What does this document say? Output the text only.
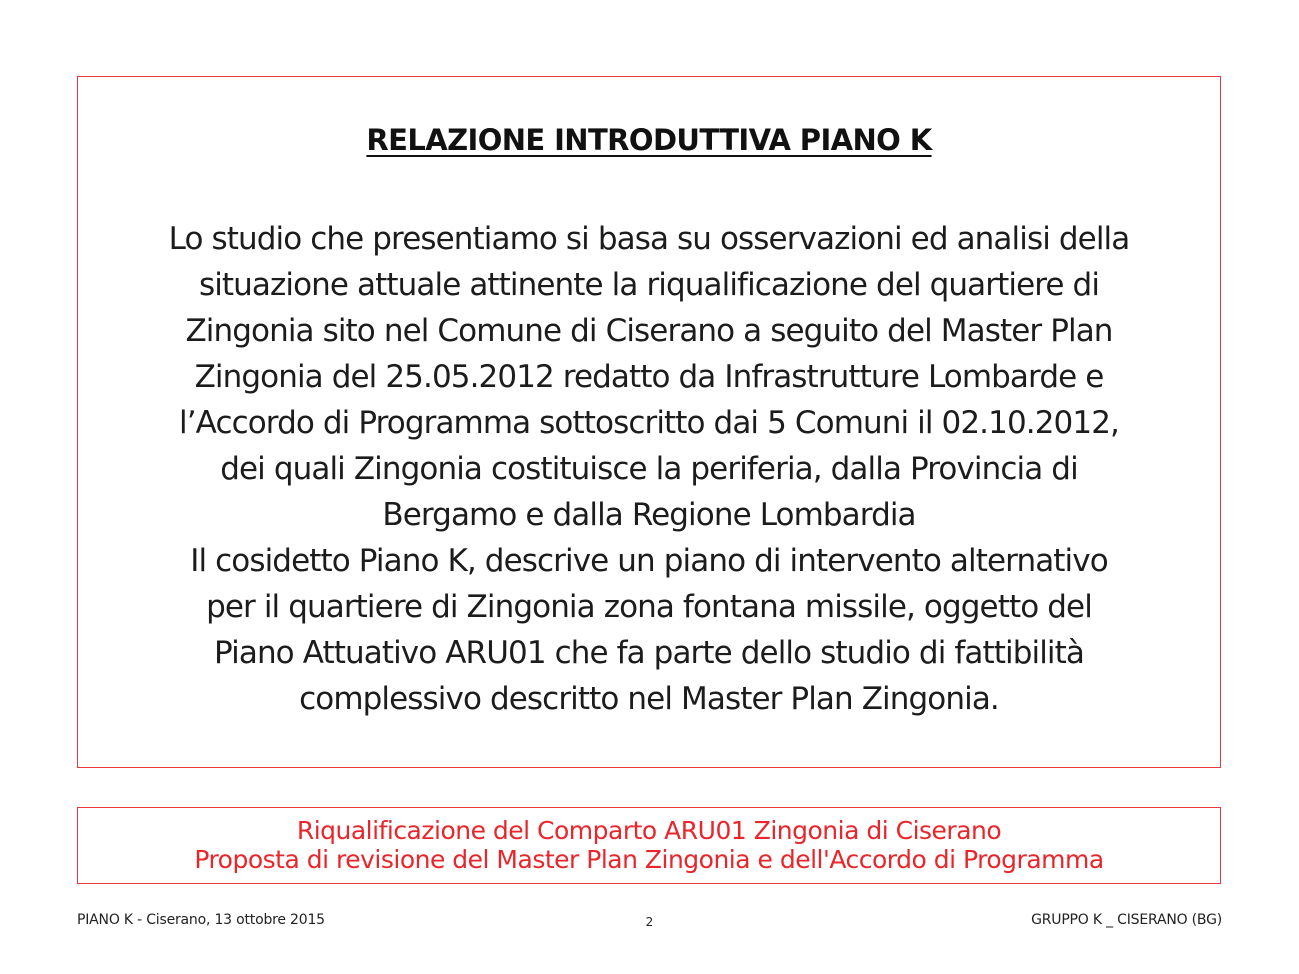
RELAZIONE INTRODUTTIVA PIANO K
Lo studio che presentiamo si basa su osservazioni ed analisi della
situazione attuale attinente la riqualificazione del quartiere di
Zingonia sito nel Comune di Ciserano a seguito del Master Plan
Zingonia del 25.05.2012 redatto da Infrastrutture Lombarde e
l’Accordo di Programma sottoscritto dai 5 Comuni il 02.10.2012,
dei quali Zingonia costituisce la periferia, dalla Provincia di
Bergamo e dalla Regione Lombardia
Il cosidetto Piano K, descrive un piano di intervento alternativo
per il quartiere di Zingonia zona fontana missile, oggetto del
Piano Attuativo ARU01 che fa parte dello studio di fattibilità
complessivo descritto nel Master Plan Zingonia.
Riqualificazione del Comparto ARU01 Zingonia di Ciserano
Proposta di revisione del Master Plan Zingonia e dell'Accordo di Programma
PIANO K - Ciserano, 13 ottobre 2015	2	GRUPPO K _ CISERANO (BG)
